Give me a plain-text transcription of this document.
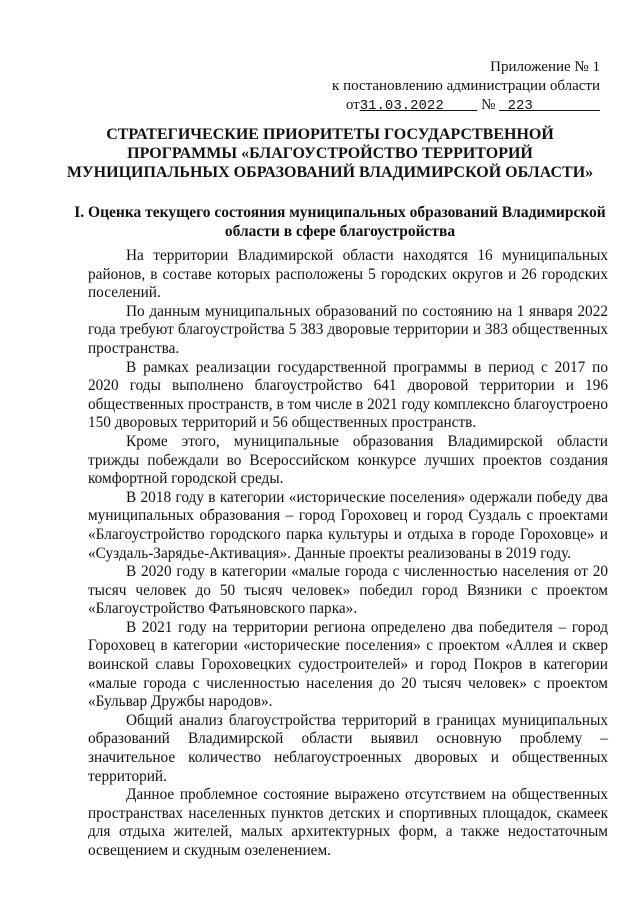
Приложение № 1
к постановлению администрации области
от31.03.2022 № 223
СТРАТЕГИЧЕСКИЕ ПРИОРИТЕТЫ ГОСУДАРСТВЕННОЙ ПРОГРАММЫ «БЛАГОУСТРОЙСТВО ТЕРРИТОРИЙ МУНИЦИПАЛЬНЫХ ОБРАЗОВАНИЙ ВЛАДИМИРСКОЙ ОБЛАСТИ»
I. Оценка текущего состояния муниципальных образований Владимирской области в сфере благоустройства

На территории Владимирской области находятся 16 муниципальных районов, в составе которых расположены 5 городских округов и 26 городских поселений.

По данным муниципальных образований по состоянию на 1 января 2022 года требуют благоустройства 5 383 дворовые территории и 383 общественных пространства.

В рамках реализации государственной программы в период с 2017 по 2020 годы выполнено благоустройство 641 дворовой территории и 196 общественных пространств, в том числе в 2021 году комплексно благоустроено 150 дворовых территорий и 56 общественных пространств.

Кроме этого, муниципальные образования Владимирской области трижды побеждали во Всероссийском конкурсе лучших проектов создания комфортной городской среды.

В 2018 году в категории «исторические поселения» одержали победу два муниципальных образования – город Гороховец и город Суздаль с проектами «Благоустройство городского парка культуры и отдыха в городе Гороховце» и «Суздаль-Зарядье-Активация». Данные проекты реализованы в 2019 году.

В 2020 году в категории «малые города с численностью населения от 20 тысяч человек до 50 тысяч человек» победил город Вязники с проектом «Благоустройство Фатьяновского парка».

В 2021 году на территории региона определено два победителя – город Гороховец в категории «исторические поселения» с проектом «Аллея и сквер воинской славы Гороховецких судостроителей» и город Покров в категории «малые города с численностью населения до 20 тысяч человек» с проектом «Бульвар Дружбы народов».

Общий анализ благоустройства территорий в границах муниципальных образований Владимирской области выявил основную проблему – значительное количество неблагоустроенных дворовых и общественных территорий.

Данное проблемное состояние выражено отсутствием на общественных пространствах населенных пунктов детских и спортивных площадок, скамеек для отдыха жителей, малых архитектурных форм, а также недостаточным освещением и скудным озеленением.
